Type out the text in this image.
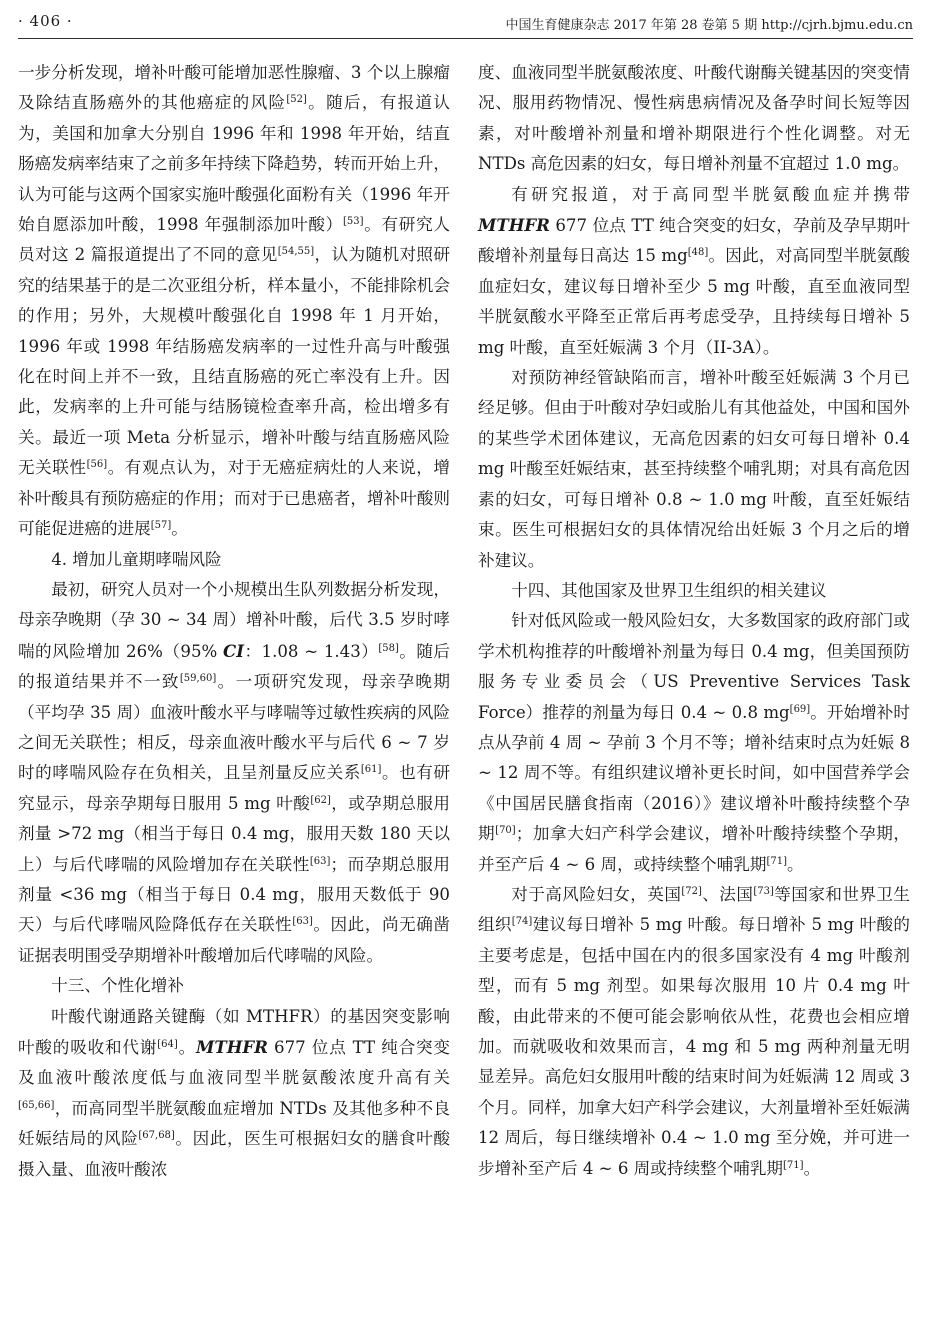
· 406 ·	中国生育健康杂志 2017 年第 28 卷第 5 期 http://cjrh.bjmu.edu.cn

一步分析发现，增补叶酸可能增加恶性腺瘤、3 个以上腺瘤及除结直肠癌外的其他癌症的风险[52]。随后，有报道认为，美国和加拿大分别自 1996 年和 1998 年开始，结直肠癌发病率结束了之前多年持续下降趋势，转而开始上升，认为可能与这两个国家实施叶酸强化面粉有关（1996 年开始自愿添加叶酸，1998 年强制添加叶酸）[53]。有研究人员对这 2 篇报道提出了不同的意见[54,55]，认为随机对照研究的结果基于的是二次亚组分析，样本量小，不能排除机会的作用；另外，大规模叶酸强化自 1998 年 1 月开始，1996 年或 1998 年结肠癌发病率的一过性升高与叶酸强化在时间上并不一致，且结直肠癌的死亡率没有上升。因此，发病率的上升可能与结肠镜检查率升高，检出增多有关。最近一项 Meta 分析显示，增补叶酸与结直肠癌风险无关联性[56]。有观点认为，对于无癌症病灶的人来说，增补叶酸具有预防癌症的作用；而对于已患癌者，增补叶酸则可能促进癌的进展[57]。

4. 增加儿童期哮喘风险

最初，研究人员对一个小规模出生队列数据分析发现，母亲孕晚期（孕 30 ~ 34 周）增补叶酸，后代 3.5 岁时哮喘的风险增加 26%（95% CI：1.08 ~ 1.43）[58]。随后的报道结果并不一致[59,60]。一项研究发现，母亲孕晚期（平均孕 35 周）血液叶酸水平与哮喘等过敏性疾病的风险之间无关联性；相反，母亲血液叶酸水平与后代 6 ~ 7 岁时的哮喘风险存在负相关，且呈剂量反应关系[61]。也有研究显示，母亲孕期每日服用 5 mg 叶酸[62]，或孕期总服用剂量 >72 mg（相当于每日 0.4 mg，服用天数 180 天以上）与后代哮喘的风险增加存在关联性[63]；而孕期总服用剂量 <36 mg（相当于每日 0.4 mg，服用天数低于 90 天）与后代哮喘风险降低存在关联性[63]。因此，尚无确凿证据表明围受孕期增补叶酸增加后代哮喘的风险。

十三、个性化增补

叶酸代谢通路关键酶（如 MTHFR）的基因突变影响叶酸的吸收和代谢[64]。MTHFR 677 位点 TT 纯合突变及血液叶酸浓度低与血液同型半胱氨酸浓度升高有关[65,66]，而高同型半胱氨酸血症增加 NTDs 及其他多种不良妊娠结局的风险[67,68]。因此，医生可根据妇女的膳食叶酸摄入量、血液叶酸浓

度、血液同型半胱氨酸浓度、叶酸代谢酶关键基因的突变情况、服用药物情况、慢性病患病情况及备孕时间长短等因素，对叶酸增补剂量和增补期限进行个性化调整。对无 NTDs 高危因素的妇女，每日增补剂量不宜超过 1.0 mg。

有研究报道，对于高同型半胱氨酸血症并携带 MTHFR 677 位点 TT 纯合突变的妇女，孕前及孕早期叶酸增补剂量每日高达 15 mg[48]。因此，对高同型半胱氨酸血症妇女，建议每日增补至少 5 mg 叶酸，直至血液同型半胱氨酸水平降至正常后再考虑受孕，且持续每日增补 5 mg 叶酸，直至妊娠满 3 个月（II-3A）。

对预防神经管缺陷而言，增补叶酸至妊娠满 3 个月已经足够。但由于叶酸对孕妇或胎儿有其他益处，中国和国外的某些学术团体建议，无高危因素的妇女可每日增补 0.4 mg 叶酸至妊娠结束，甚至持续整个哺乳期；对具有高危因素的妇女，可每日增补 0.8 ~ 1.0 mg 叶酸，直至妊娠结束。医生可根据妇女的具体情况给出妊娠 3 个月之后的增补建议。

十四、其他国家及世界卫生组织的相关建议

针对低风险或一般风险妇女，大多数国家的政府部门或学术机构推荐的叶酸增补剂量为每日 0.4 mg，但美国预防服务专业委员会（US Preventive Services Task Force）推荐的剂量为每日 0.4 ~ 0.8 mg[69]。开始增补时点从孕前 4 周 ~ 孕前 3 个月不等；增补结束时点为妊娠 8 ~ 12 周不等。有组织建议增补更长时间，如中国营养学会《中国居民膳食指南（2016）》建议增补叶酸持续整个孕期[70]；加拿大妇产科学会建议，增补叶酸持续整个孕期，并至产后 4 ~ 6 周，或持续整个哺乳期[71]。

对于高风险妇女，英国[72]、法国[73]等国家和世界卫生组织[74]建议每日增补 5 mg 叶酸。每日增补 5 mg 叶酸的主要考虑是，包括中国在内的很多国家没有 4 mg 叶酸剂型，而有 5 mg 剂型。如果每次服用 10 片 0.4 mg 叶酸，由此带来的不便可能会影响依从性，花费也会相应增加。而就吸收和效果而言，4 mg 和 5 mg 两种剂量无明显差异。高危妇女服用叶酸的结束时间为妊娠满 12 周或 3 个月。同样，加拿大妇产科学会建议，大剂量增补至妊娠满 12 周后，每日继续增补 0.4 ~ 1.0 mg 至分娩，并可进一步增补至产后 4 ~ 6 周或持续整个哺乳期[71]。
